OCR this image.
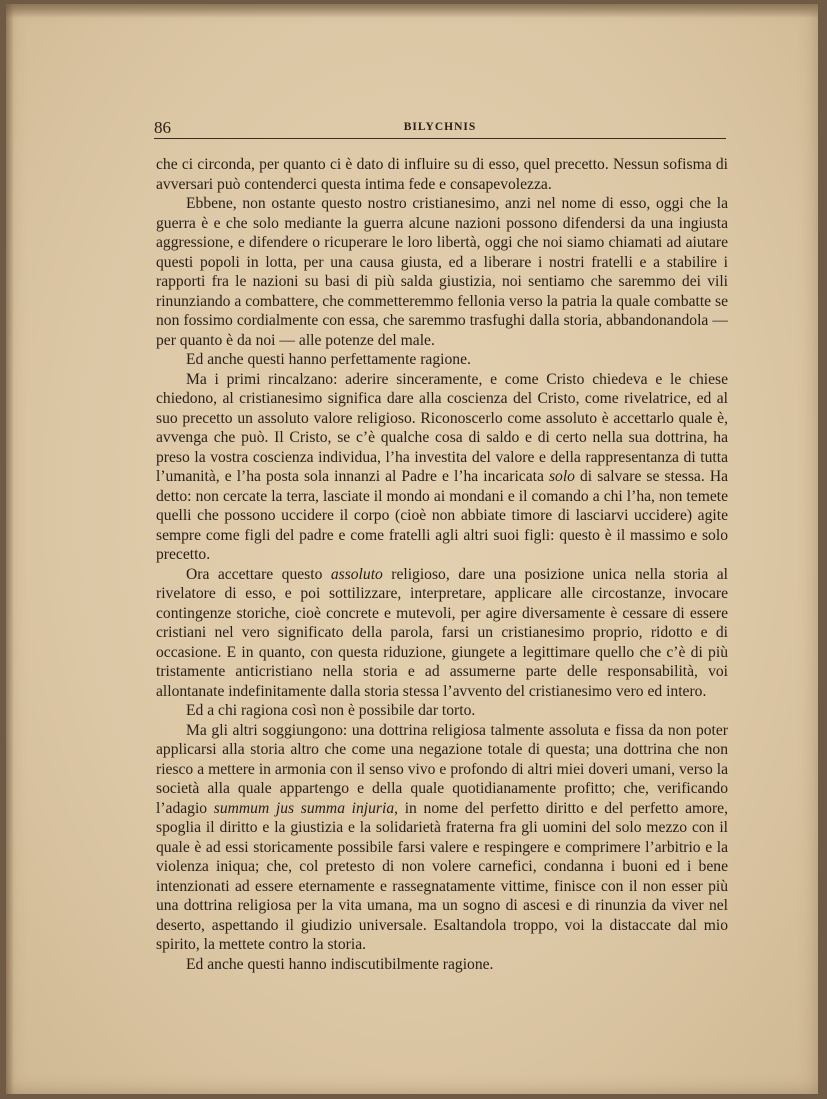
86	BILYCHNIS

che ci circonda, per quanto ci è dato di influire su di esso, quel precetto. Nessun sofisma di avversari può contenderci questa intima fede e consapevolezza.

Ebbene, non ostante questo nostro cristianesimo, anzi nel nome di esso, oggi che la guerra è e che solo mediante la guerra alcune nazioni possono difendersi da una ingiusta aggressione, e difendere o ricuperare le loro libertà, oggi che noi siamo chiamati ad aiutare questi popoli in lotta, per una causa giusta, ed a liberare i nostri fratelli e a stabilire i rapporti fra le nazioni su basi di più salda giustizia, noi sentiamo che saremmo dei vili rinunziando a combattere, che commetteremmo fellonia verso la patria la quale combatte se non fossimo cordialmente con essa, che saremmo trasfughi dalla storia, abbandonandola — per quanto è da noi — alle potenze del male.

Ed anche questi hanno perfettamente ragione.

Ma i primi rincalzano: aderire sinceramente, e come Cristo chiedeva e le chiese chiedono, al cristianesimo significa dare alla coscienza del Cristo, come rivelatrice, ed al suo precetto un assoluto valore religioso. Riconoscerlo come assoluto è accettarlo quale è, avvenga che può. Il Cristo, se c’è qualche cosa di saldo e di certo nella sua dottrina, ha preso la vostra coscienza individua, l’ha investita del valore e della rappresentanza di tutta l’umanità, e l’ha posta sola innanzi al Padre e l’ha incaricata solo di salvare se stessa. Ha detto: non cercate la terra, lasciate il mondo ai mondani e il comando a chi l’ha, non temete quelli che possono uccidere il corpo (cioè non abbiate timore di lasciarvi uccidere) agite sempre come figli del padre e come fratelli agli altri suoi figli: questo è il massimo e solo precetto.

Ora accettare questo assoluto religioso, dare una posizione unica nella storia al rivelatore di esso, e poi sottilizzare, interpretare, applicare alle circostanze, invocare contingenze storiche, cioè concrete e mutevoli, per agire diversamente è cessare di essere cristiani nel vero significato della parola, farsi un cristianesimo proprio, ridotto e di occasione. E in quanto, con questa riduzione, giungete a legittimare quello che c’è di più tristamente anticristiano nella storia e ad assumerne parte delle responsabilità, voi allontanate indefinitamente dalla storia stessa l’avvento del cristianesimo vero ed intero.

Ed a chi ragiona così non è possibile dar torto.

Ma gli altri soggiungono: una dottrina religiosa talmente assoluta e fissa da non poter applicarsi alla storia altro che come una negazione totale di questa; una dottrina che non riesco a mettere in armonia con il senso vivo e profondo di altri miei doveri umani, verso la società alla quale appartengo e della quale quotidianamente profitto; che, verificando l’adagio summum jus summa injuria, in nome del perfetto diritto e del perfetto amore, spoglia il diritto e la giustizia e la solidarietà fraterna fra gli uomini del solo mezzo con il quale è ad essi storicamente possibile farsi valere e respingere e comprimere l’arbitrio e la violenza iniqua; che, col pretesto di non volere carnefici, condanna i buoni ed i bene intenzionati ad essere eternamente e rassegnatamente vittime, finisce con il non esser più una dottrina religiosa per la vita umana, ma un sogno di ascesi e di rinunzia da viver nel deserto, aspettando il giudizio universale. Esaltandola troppo, voi la distaccate dal mio spirito, la mettete contro la storia.

Ed anche questi hanno indiscutibilmente ragione.
